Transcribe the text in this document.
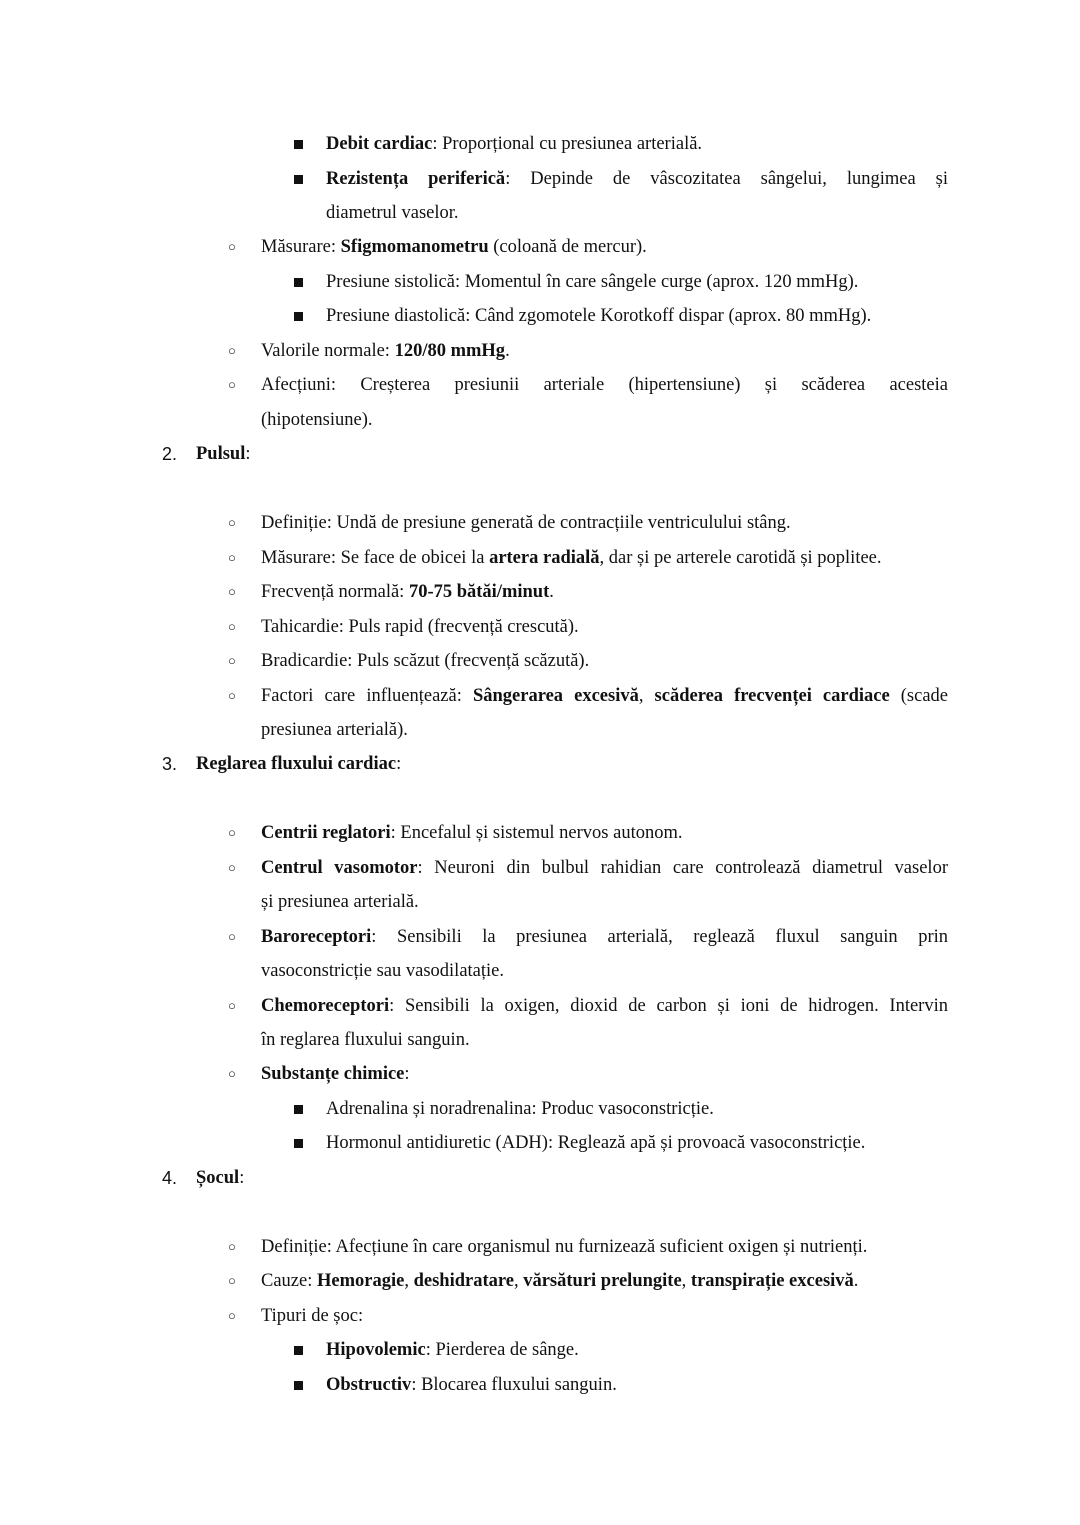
Debit cardiac: Proporțional cu presiunea arterială.
Rezistența periferică: Depinde de vâscozitatea sângelui, lungimea și
diametrul vaselor.
○ Măsurare: Sfigmomanometru (coloană de mercur).
Presiune sistolică: Momentul în care sângele curge (aprox. 120 mmHg).
Presiune diastolică: Când zgomotele Korotkoff dispar (aprox. 80 mmHg).
○ Valorile normale: 120/80 mmHg.
○ Afecțiuni: Creșterea presiunii arteriale (hipertensiune) și scăderea acesteia
(hipotensiune).
2. Pulsul:
○ Definiție: Undă de presiune generată de contracțiile ventriculului stâng.
○ Măsurare: Se face de obicei la artera radială, dar și pe arterele carotidă și poplitee.
○ Frecvență normală: 70-75 bătăi/minut.
○ Tahicardie: Puls rapid (frecvență crescută).
○ Bradicardie: Puls scăzut (frecvență scăzută).
○ Factori care influențează: Sângerarea excesivă, scăderea frecvenței cardiace (scade
presiunea arterială).
3. Reglarea fluxului cardiac:
○ Centrii reglatori: Encefalul și sistemul nervos autonom.
○ Centrul vasomotor: Neuroni din bulbul rahidian care controlează diametrul vaselor
și presiunea arterială.
○ Baroreceptori: Sensibili la presiunea arterială, reglează fluxul sanguin prin
vasoconstricție sau vasodilatație.
○ Chemoreceptori: Sensibili la oxigen, dioxid de carbon și ioni de hidrogen. Intervin
în reglarea fluxului sanguin.
○ Substanțe chimice:
Adrenalina și noradrenalina: Produc vasoconstricție.
Hormonul antidiuretic (ADH): Reglează apă și provoacă vasoconstricție.
4. Șocul:
○ Definiție: Afecțiune în care organismul nu furnizează suficient oxigen și nutrienți.
○ Cauze: Hemoragie, deshidratare, vărsături prelungite, transpirație excesivă.
○ Tipuri de șoc:
Hipovolemic: Pierderea de sânge.
Obstructiv: Blocarea fluxului sanguin.
